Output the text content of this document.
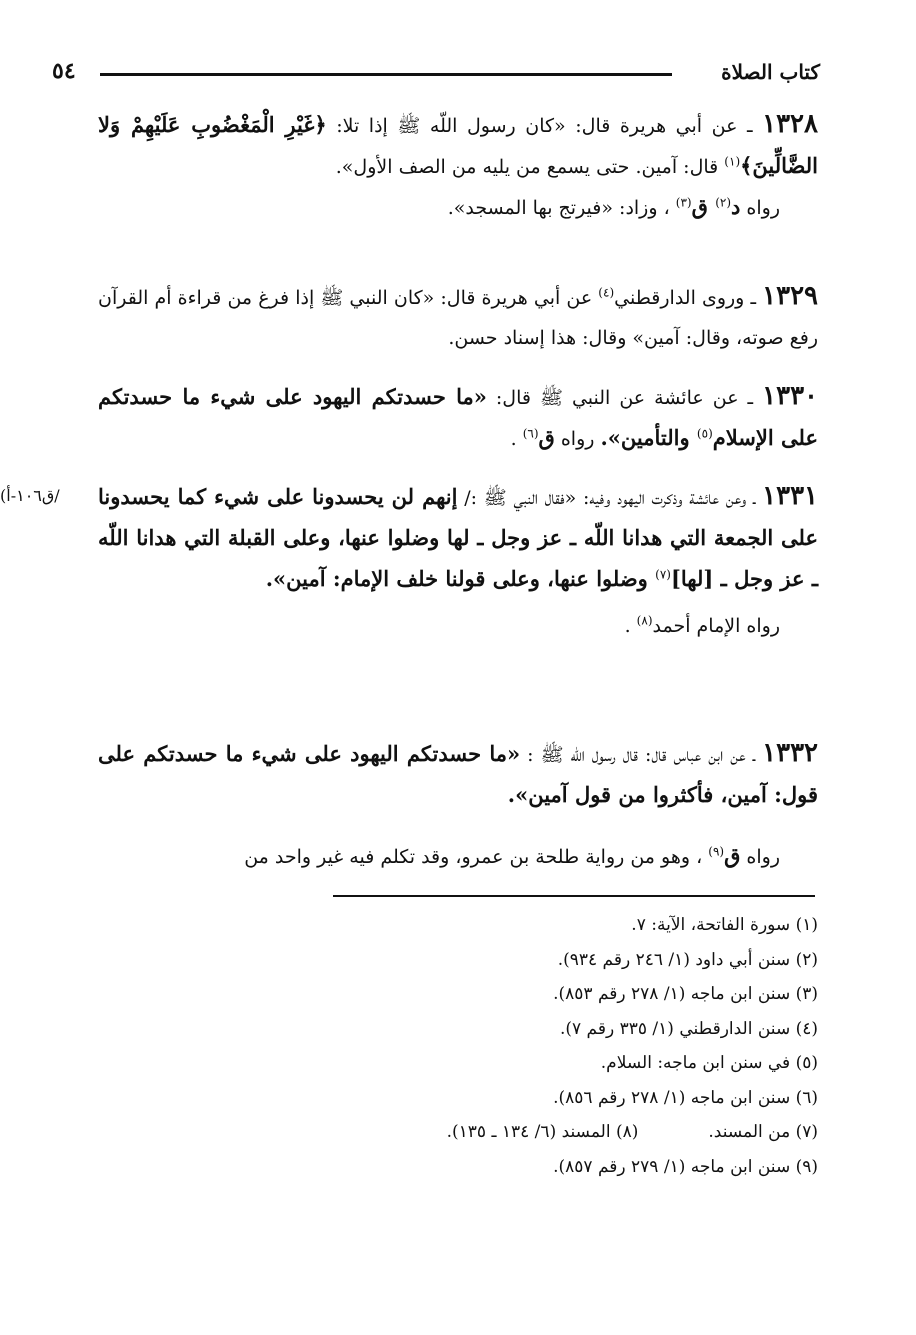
كتاب الصلاة
٥٤
/ق١٠٦-أ)

١٣٢٨ ـ عن أبي هريرة قال: «كان رسول اللّه ﷺ إذا تلا: ﴿غَيْرِ الْمَغْضُوبِ عَلَيْهِمْ وَلا الضَّالِّينَ﴾$^{(١)}$ قال: آمين. حتى يسمع من يليه من الصف الأول».

رواه د$^{(٢)}$ ق$^{(٣)}$ ، وزاد: «فيرتج بها المسجد».

١٣٢٩ ـ وروى الدارقطني$^{(٤)}$ عن أبي هريرة قال: «كان النبي ﷺ إذا فرغ من قراءة أم القرآن رفع صوته، وقال: آمين» وقال: هذا إسناد حسن.

١٣٣٠ ـ عن عائشة عن النبي ﷺ قال: «ما حسدتكم اليهود على شيء ما حسدتكم على الإسلام$^{(٥)}$ والتأمين». رواه ق$^{(٦)}$ .

١٣٣١ ـ وعن عائشة وذكرت اليهود وفيه: «فقال النبي ﷺ :/ إنهم لن يحسدونا على شيء كما يحسدونا على الجمعة التي هدانا اللّه ـ عز وجل ـ لها وضلوا عنها، وعلى القبلة التي هدانا اللّه ـ عز وجل ـ [لها]$^{(٧)}$ وضلوا عنها، وعلى قولنا خلف الإمام: آمين».

رواه الإمام أحمد$^{(٨)}$ .

١٣٣٢ ـ عن ابن عباس قال: قال رسول اللّه ﷺ : «ما حسدتكم اليهود على شيء ما حسدتكم على قول: آمين، فأكثروا من قول آمين».

رواه ق$^{(٩)}$ ، وهو من رواية طلحة بن عمرو، وقد تكلم فيه غير واحد من

(١) سورة الفاتحة، الآية: ٧.
(٢) سنن أبي داود (١/ ٢٤٦ رقم ٩٣٤).
(٣) سنن ابن ماجه (١/ ٢٧٨ رقم ٨٥٣).
(٤) سنن الدارقطني (١/ ٣٣٥ رقم ٧).
(٥) في سنن ابن ماجه: السلام.
(٦) سنن ابن ماجه (١/ ٢٧٨ رقم ٨٥٦).
(٧) من المسند.
(٨) المسند (٦/ ١٣٤ ـ ١٣٥).
(٩) سنن ابن ماجه (١/ ٢٧٩ رقم ٨٥٧).
